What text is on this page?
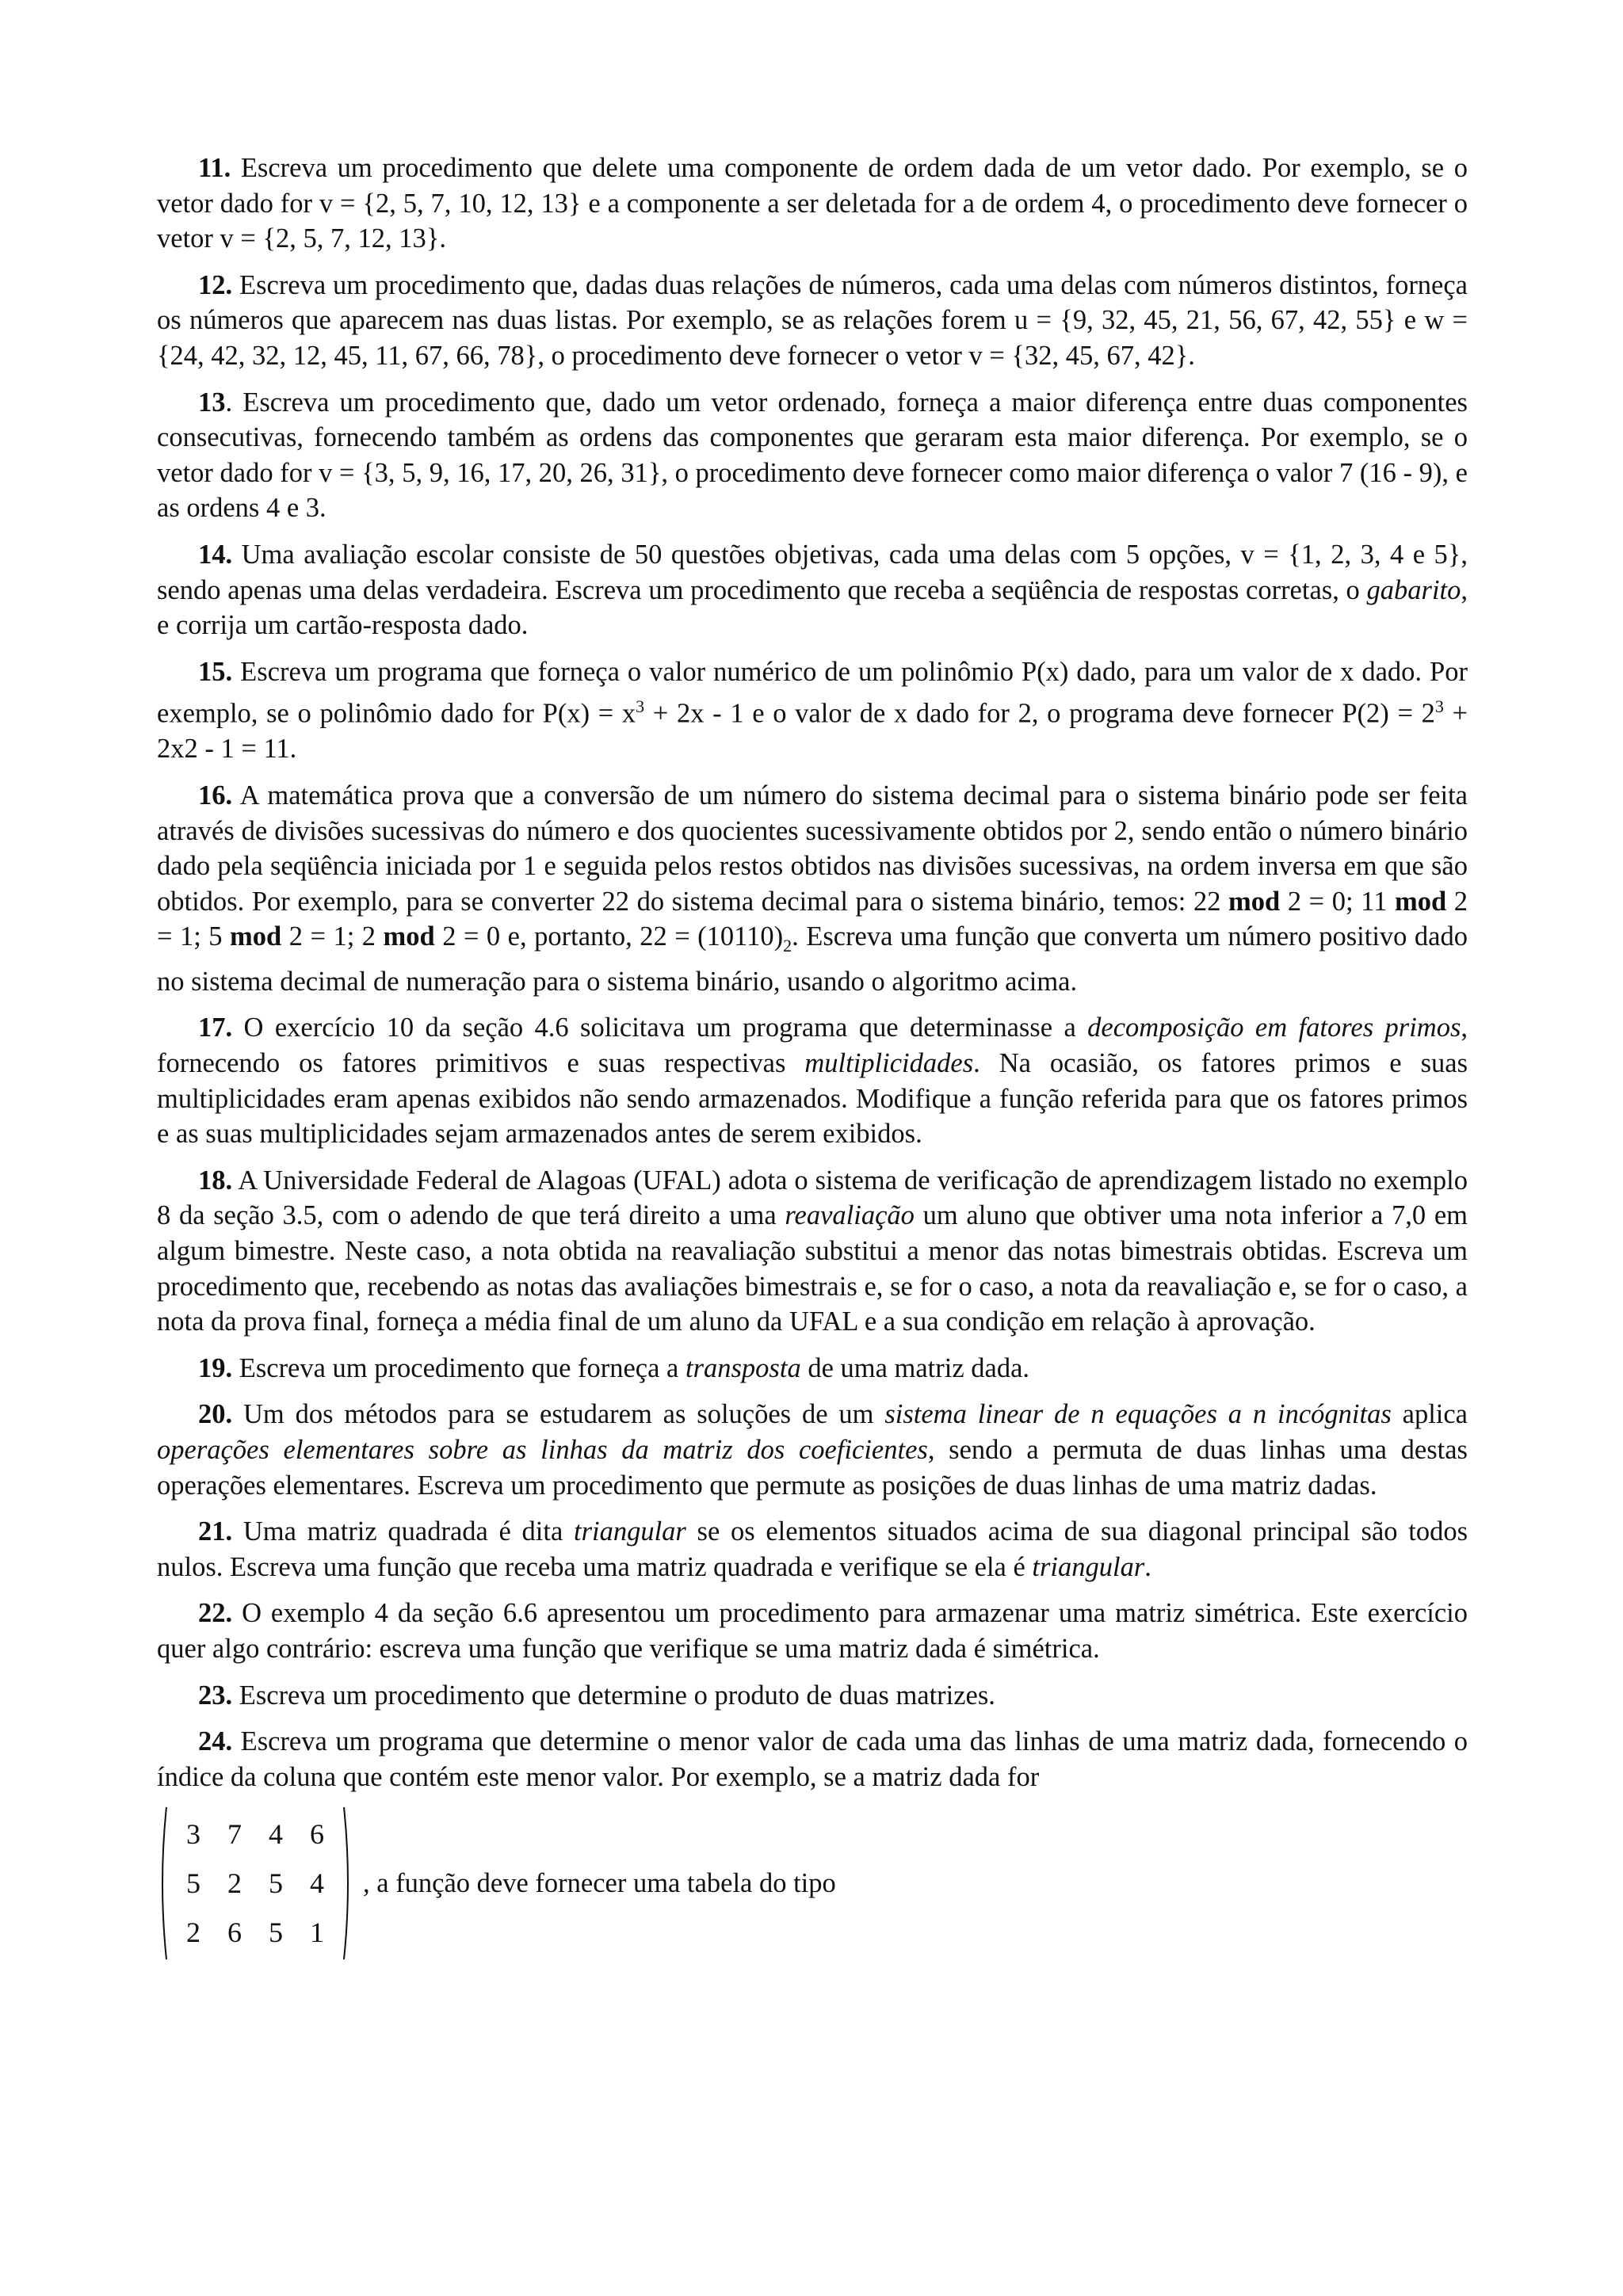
11. Escreva um procedimento que delete uma componente de ordem dada de um vetor dado. Por exemplo, se o vetor dado for v = {2, 5, 7, 10, 12, 13} e a componente a ser deletada for a de ordem 4, o procedimento deve fornecer o vetor v = {2, 5, 7, 12, 13}.

12. Escreva um procedimento que, dadas duas relações de números, cada uma delas com números distintos, forneça os números que aparecem nas duas listas. Por exemplo, se as relações forem u = {9, 32, 45, 21, 56, 67, 42, 55} e w = {24, 42, 32, 12, 45, 11, 67, 66, 78}, o procedimento deve fornecer o vetor v = {32, 45, 67, 42}.

13. Escreva um procedimento que, dado um vetor ordenado, forneça a maior diferença entre duas componentes consecutivas, fornecendo também as ordens das componentes que geraram esta maior diferença. Por exemplo, se o vetor dado for v = {3, 5, 9, 16, 17, 20, 26, 31}, o procedimento deve fornecer como maior diferença o valor 7 (16 - 9), e as ordens 4 e 3.

14. Uma avaliação escolar consiste de 50 questões objetivas, cada uma delas com 5 opções, v = {1, 2, 3, 4 e 5}, sendo apenas uma delas verdadeira. Escreva um procedimento que receba a seqüência de respostas corretas, o gabarito, e corrija um cartão-resposta dado.

15. Escreva um programa que forneça o valor numérico de um polinômio P(x) dado, para um valor de x dado. Por exemplo, se o polinômio dado for $P(x) = x^3 + 2x - 1$ e o valor de x dado for 2, o programa deve fornecer $P(2) = 2^3 + 2x2 - 1 = 11$.

16. A matemática prova que a conversão de um número do sistema decimal para o sistema binário pode ser feita através de divisões sucessivas do número e dos quocientes sucessivamente obtidos por 2, sendo então o número binário dado pela seqüência iniciada por 1 e seguida pelos restos obtidos nas divisões sucessivas, na ordem inversa em que são obtidos. Por exemplo, para se converter 22 do sistema decimal para o sistema binário, temos: 22 mod 2 = 0; 11 mod 2 = 1; 5 mod 2 = 1; 2 mod 2 = 0 e, portanto, $22 = (10110)_2$. Escreva uma função que converta um número positivo dado no sistema decimal de numeração para o sistema binário, usando o algoritmo acima.

17. O exercício 10 da seção 4.6 solicitava um programa que determinasse a decomposição em fatores primos, fornecendo os fatores primitivos e suas respectivas multiplicidades. Na ocasião, os fatores primos e suas multiplicidades eram apenas exibidos não sendo armazenados. Modifique a função referida para que os fatores primos e as suas multiplicidades sejam armazenados antes de serem exibidos.

18. A Universidade Federal de Alagoas (UFAL) adota o sistema de verificação de aprendizagem listado no exemplo 8 da seção 3.5, com o adendo de que terá direito a uma reavaliação um aluno que obtiver uma nota inferior a 7,0 em algum bimestre. Neste caso, a nota obtida na reavaliação substitui a menor das notas bimestrais obtidas. Escreva um procedimento que, recebendo as notas das avaliações bimestrais e, se for o caso, a nota da reavaliação e, se for o caso, a nota da prova final, forneça a média final de um aluno da UFAL e a sua condição em relação à aprovação.

19. Escreva um procedimento que forneça a transposta de uma matriz dada.

20. Um dos métodos para se estudarem as soluções de um sistema linear de n equações a n incógnitas aplica operações elementares sobre as linhas da matriz dos coeficientes, sendo a permuta de duas linhas uma destas operações elementares. Escreva um procedimento que permute as posições de duas linhas de uma matriz dadas.

21. Uma matriz quadrada é dita triangular se os elementos situados acima de sua diagonal principal são todos nulos. Escreva uma função que receba uma matriz quadrada e verifique se ela é triangular.

22. O exemplo 4 da seção 6.6 apresentou um procedimento para armazenar uma matriz simétrica. Este exercício quer algo contrário: escreva uma função que verifique se uma matriz dada é simétrica.

23. Escreva um procedimento que determine o produto de duas matrizes.

24. Escreva um programa que determine o menor valor de cada uma das linhas de uma matriz dada, fornecendo o índice da coluna que contém este menor valor. Por exemplo, se a matriz dada for

3 7 4 6
5 2 5 4
2 6 5 1
, a função deve fornecer uma tabela do tipo
